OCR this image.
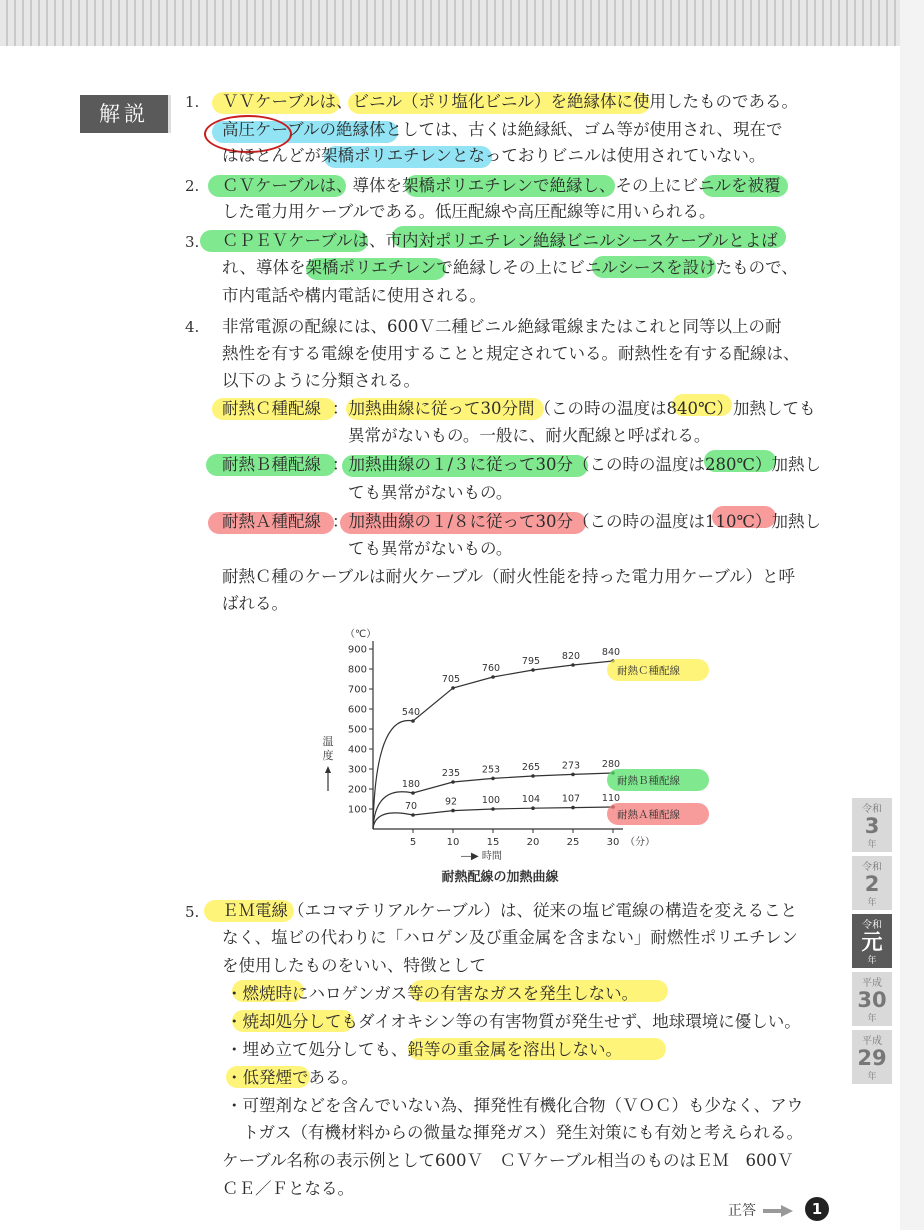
解説	1. ＶＶケーブルは、ビニル（ポリ塩化ビニル）を絶縁体に使用したものである。
高圧ケーブルの絶縁体としては、古くは絶縁紙、ゴム等が使用され、現在で
はほとんどが架橋ポリエチレンとなっておりビニルは使用されていない。
2. ＣＶケーブルは、導体を架橋ポリエチレンで絶縁し、その上にビニルを被覆
した電力用ケーブルである。低圧配線や高圧配線等に用いられる。
3. ＣＰＥＶケーブルは、市内対ポリエチレン絶縁ビニルシースケーブルとよば
れ、導体を架橋ポリエチレンで絶縁しその上にビニルシースを設けたもので、
市内電話や構内電話に使用される。
4. 非常電源の配線には、600Ｖ二種ビニル絶縁電線またはこれと同等以上の耐
熱性を有する電線を使用することと規定されている。耐熱性を有する配線は、
以下のように分類される。
耐熱Ｃ種配線 ：加熱曲線に従って30分間（この時の温度は840℃）加熱しても
異常がないもの。一般に、耐火配線と呼ばれる。
耐熱Ｂ種配線 ：加熱曲線の１/３に従って30分（この時の温度は280℃）加熱し
ても異常がないもの。
耐熱Ａ種配線 ：加熱曲線の１/８に従って30分（この時の温度は110℃）加熱し
ても異常がないもの。
耐熱Ｃ種のケーブルは耐火ケーブル（耐火性能を持った電力用ケーブル）と呼
ばれる。
100
200
300
400
500
600
700
800
900
5	10	15	20	25	30 （分）
（℃）
―▶ 時間
温
度
540
705
760
795 820 840
耐熱Ｃ種配線
180
235 253 265 273 280
耐熱Ｂ種配線
70	92	100 104 107 110
耐熱Ａ種配線
耐熱配線の加熱曲線
5. ＥＭ電線（エコマテリアルケーブル）は、従来の塩ビ電線の構造を変えること
なく、塩ビの代わりに「ハロゲン及び重金属を含まない」耐燃性ポリエチレン
を使用したものをいい、特徴として
・燃焼時にハロゲンガス等の有害なガスを発生しない。
・焼却処分してもダイオキシン等の有害物質が発生せず、地球環境に優しい。
・埋め立て処分しても、鉛等の重金属を溶出しない。
・低発煙である。
・可塑剤などを含んでいない為、揮発性有機化合物（ＶＯＣ）も少なく、アウ
　トガス（有機材料からの微量な揮発ガス）発生対策にも有効と考えられる。
ケーブル名称の表示例として600Ｖ　ＣＶケーブル相当のものはＥＭ　600Ｖ
ＣＥ／Ｆとなる。
正答	1
令和
3
年
令和
2
年
令和
元
年
平成
30
年
平成
29
年
